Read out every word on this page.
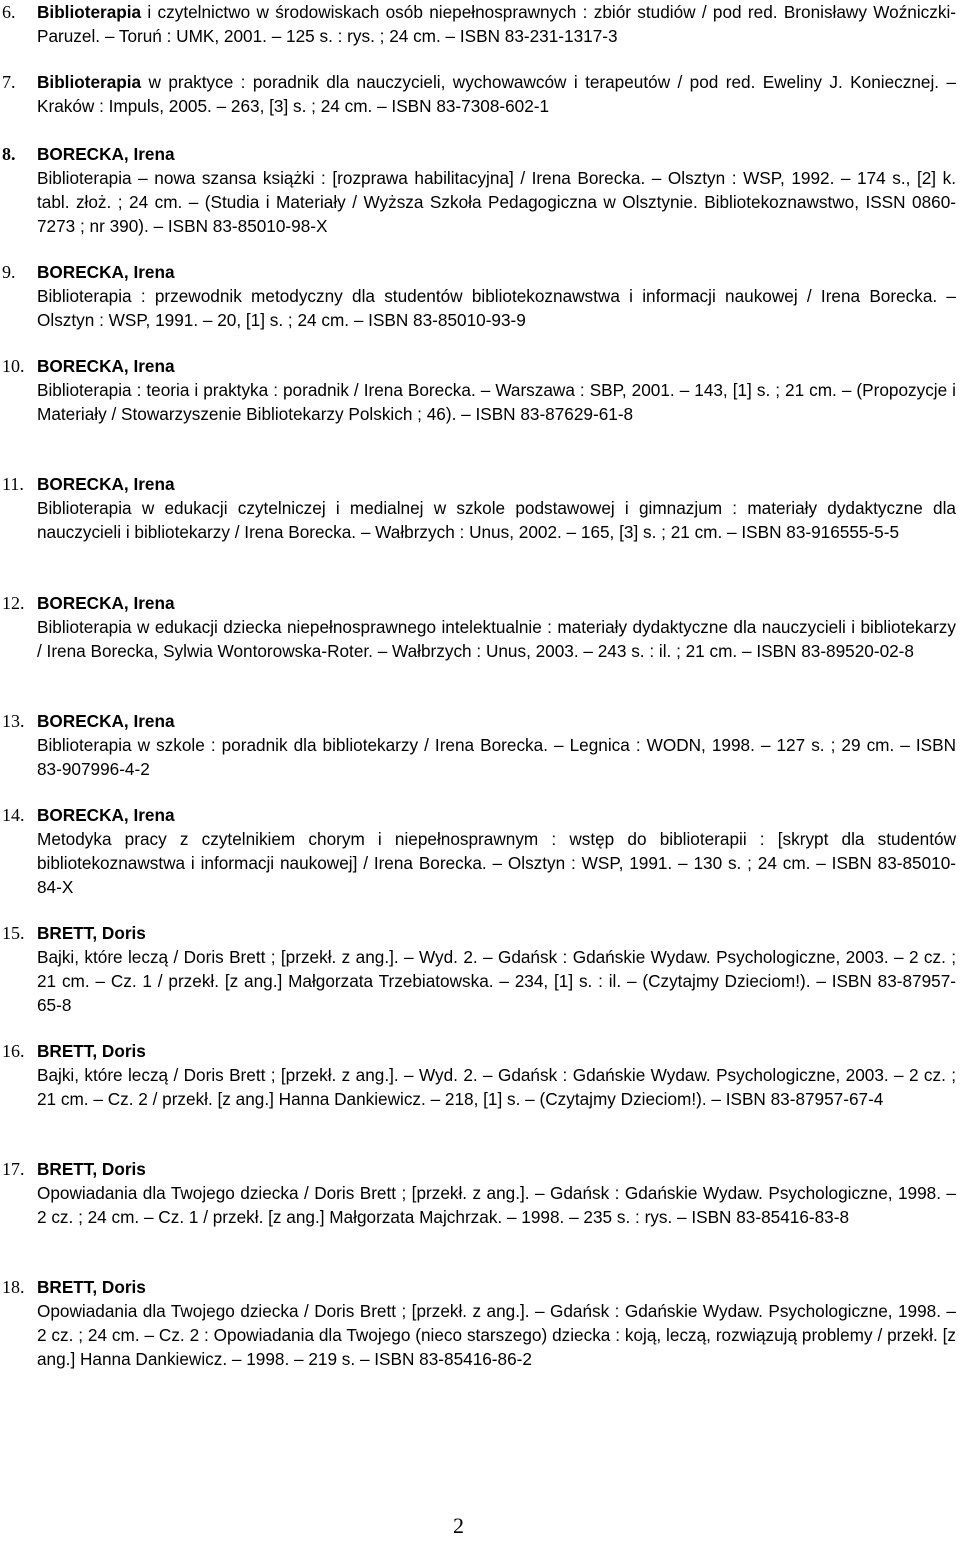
6. Biblioterapia i czytelnictwo w środowiskach osób niepełnosprawnych : zbiór studiów / pod red. Bronisławy Woźniczki-Paruzel. – Toruń : UMK, 2001. – 125 s. : rys. ; 24 cm. – ISBN 83-231-1317-3
7. Biblioterapia w praktyce : poradnik dla nauczycieli, wychowawców i terapeutów / pod red. Eweliny J. Koniecznej. – Kraków : Impuls, 2005. – 263, [3] s. ; 24 cm. – ISBN 83-7308-602-1
8. BORECKA, Irena
Biblioterapia – nowa szansa książki : [rozprawa habilitacyjna] / Irena Borecka. – Olsztyn : WSP, 1992. – 174 s., [2] k. tabl. złoż. ; 24 cm. – (Studia i Materiały / Wyższa Szkoła Pedagogiczna w Olsztynie. Bibliotekoznawstwo, ISSN 0860-7273 ; nr 390). – ISBN 83-85010-98-X
9. BORECKA, Irena
Biblioterapia : przewodnik metodyczny dla studentów bibliotekoznawstwa i informacji naukowej / Irena Borecka. – Olsztyn : WSP, 1991. – 20, [1] s. ; 24 cm. – ISBN 83-85010-93-9
10. BORECKA, Irena
Biblioterapia : teoria i praktyka : poradnik / Irena Borecka. – Warszawa : SBP, 2001. – 143, [1] s. ; 21 cm. – (Propozycje i Materiały / Stowarzyszenie Bibliotekarzy Polskich ; 46). – ISBN 83-87629-61-8
11. BORECKA, Irena
Biblioterapia w edukacji czytelniczej i medialnej w szkole podstawowej i gimnazjum : materiały dydaktyczne dla nauczycieli i bibliotekarzy / Irena Borecka. – Wałbrzych : Unus, 2002. – 165, [3] s. ; 21 cm. – ISBN 83-916555-5-5
12. BORECKA, Irena
Biblioterapia w edukacji dziecka niepełnosprawnego intelektualnie : materiały dydaktyczne dla nauczycieli i bibliotekarzy / Irena Borecka, Sylwia Wontorowska-Roter. – Wałbrzych : Unus, 2003. – 243 s. : il. ; 21 cm. – ISBN 83-89520-02-8
13. BORECKA, Irena
Biblioterapia w szkole : poradnik dla bibliotekarzy / Irena Borecka. – Legnica : WODN, 1998. – 127 s. ; 29 cm. – ISBN 83-907996-4-2
14. BORECKA, Irena
Metodyka pracy z czytelnikiem chorym i niepełnosprawnym : wstęp do biblioterapii : [skrypt dla studentów bibliotekoznawstwa i informacji naukowej] / Irena Borecka. – Olsztyn : WSP, 1991. – 130 s. ; 24 cm. – ISBN 83-85010-84-X
15. BRETT, Doris
Bajki, które leczą / Doris Brett ; [przekł. z ang.]. – Wyd. 2. – Gdańsk : Gdańskie Wydaw. Psychologiczne, 2003. – 2 cz. ; 21 cm. – Cz. 1 / przekł. [z ang.] Małgorzata Trzebiatowska. – 234, [1] s. : il. – (Czytajmy Dzieciom!). – ISBN 83-87957-65-8
16. BRETT, Doris
Bajki, które leczą / Doris Brett ; [przekł. z ang.]. – Wyd. 2. – Gdańsk : Gdańskie Wydaw. Psychologiczne, 2003. – 2 cz. ; 21 cm. – Cz. 2 / przekł. [z ang.] Hanna Dankiewicz. – 218, [1] s. – (Czytajmy Dzieciom!). – ISBN 83-87957-67-4
17. BRETT, Doris
Opowiadania dla Twojego dziecka / Doris Brett ; [przekł. z ang.]. – Gdańsk : Gdańskie Wydaw. Psychologiczne, 1998. – 2 cz. ; 24 cm. – Cz. 1 / przekł. [z ang.] Małgorzata Majchrzak. – 1998. – 235 s. : rys. – ISBN 83-85416-83-8
18. BRETT, Doris
Opowiadania dla Twojego dziecka / Doris Brett ; [przekł. z ang.]. – Gdańsk : Gdańskie Wydaw. Psychologiczne, 1998. – 2 cz. ; 24 cm. – Cz. 2 : Opowiadania dla Twojego (nieco starszego) dziecka : koją, leczą, rozwiązują problemy / przekł. [z ang.] Hanna Dankiewicz. – 1998. – 219 s. – ISBN 83-85416-86-2
2
